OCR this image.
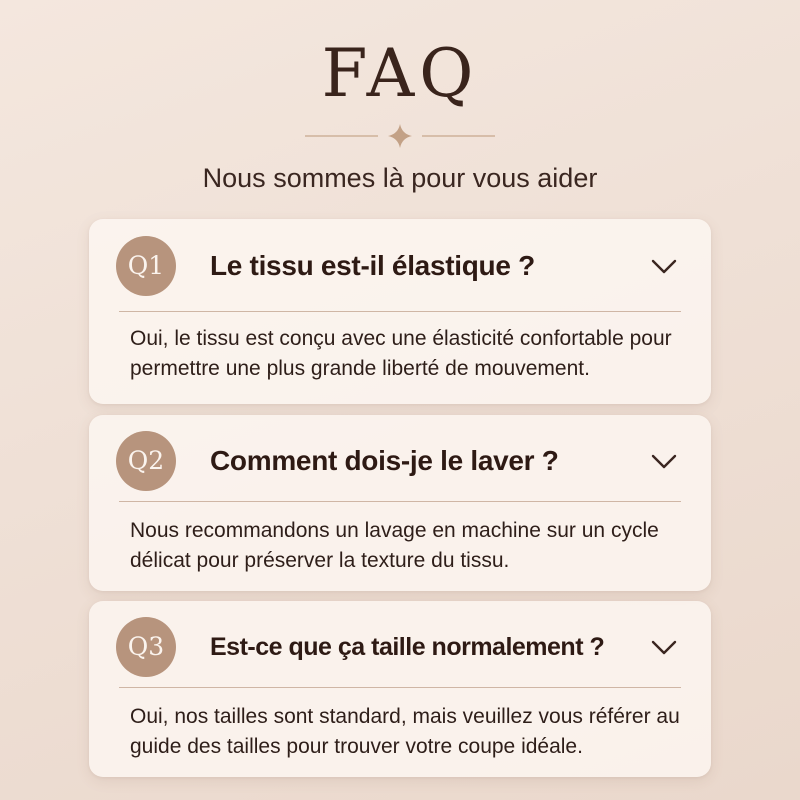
FAQ

Nous sommes là pour vous aider

Q1	Le tissu est-il élastique ?

Oui, le tissu est conçu avec une élasticité confortable pour permettre une plus grande liberté de mouvement.

Q2	Comment dois-je le laver ?

Nous recommandons un lavage en machine sur un cycle délicat pour préserver la texture du tissu.

Q3	Est-ce que ça taille normalement ?

Oui, nos tailles sont standard, mais veuillez vous référer au guide des tailles pour trouver votre coupe idéale.
